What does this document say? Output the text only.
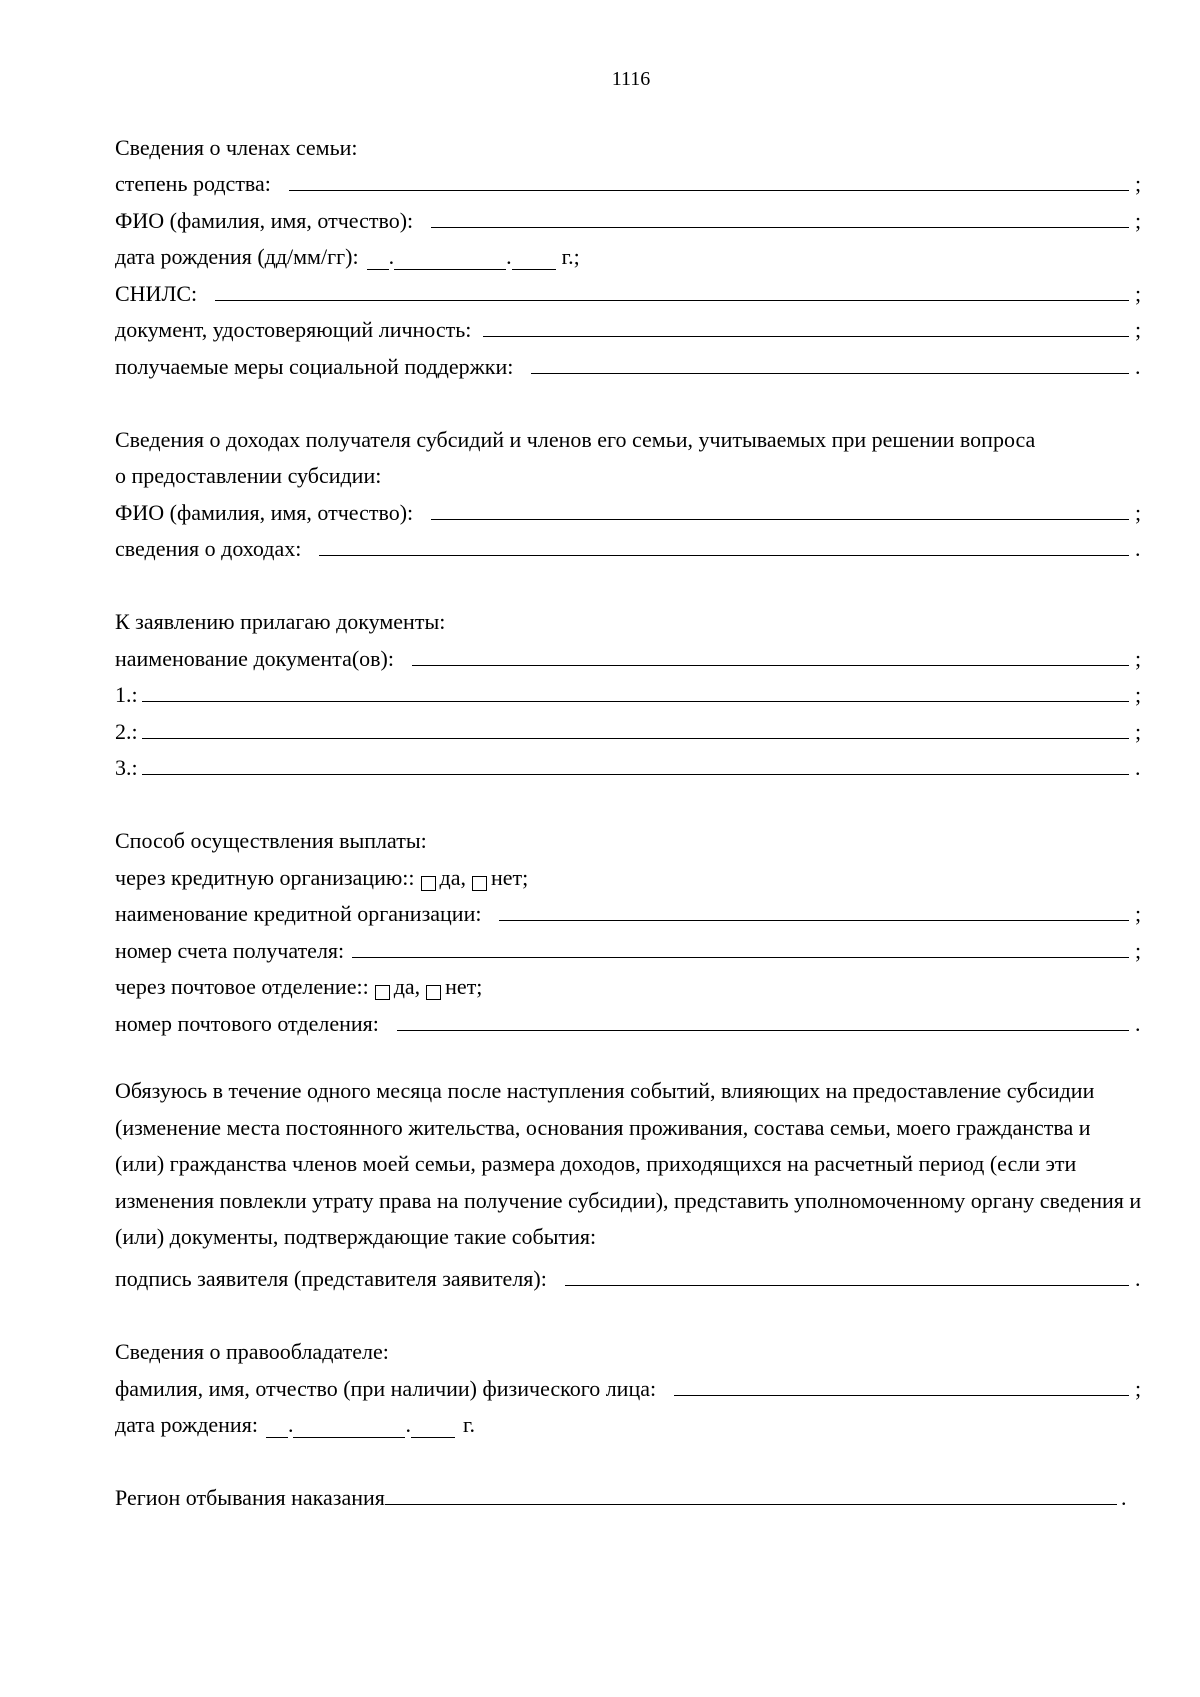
1116
Сведения о членах семьи:
степень родства:	;
ФИО (фамилия, имя, отчество):	;
дата рождения (дд/мм/гг): .	. г.;
СНИЛС:	;
документ, удостоверяющий личность:	;
получаемые меры социальной поддержки:	.
Сведения о доходах получателя субсидий и членов его семьи, учитываемых при решении вопроса
о предоставлении субсидии:
ФИО (фамилия, имя, отчество):	;
сведения о доходах:	.
К заявлению прилагаю документы:
наименование документа(ов):	;
1.:	;
2.:	;
3.:	.
Способ осуществления выплаты:
через кредитную организацию:: да, нет;
наименование кредитной организации:	;
номер счета получателя:	;
через почтовое отделение:: да, нет;
номер почтового отделения:	.
Обязуюсь в течение одного месяца после наступления событий, влияющих на предоставление субсидии (изменение места постоянного жительства, основания проживания, состава семьи, моего гражданства и (или) гражданства членов моей семьи, размера доходов, приходящихся на расчетный период (если эти изменения повлекли утрату права на получение субсидии), представить уполномоченному органу сведения и (или) документы, подтверждающие такие события:
подпись заявителя (представителя заявителя):	.
Сведения о правообладателе:
фамилия, имя, отчество (при наличии) физического лица:	;
дата рождения: .	. г.
Регион отбывания наказания	.
